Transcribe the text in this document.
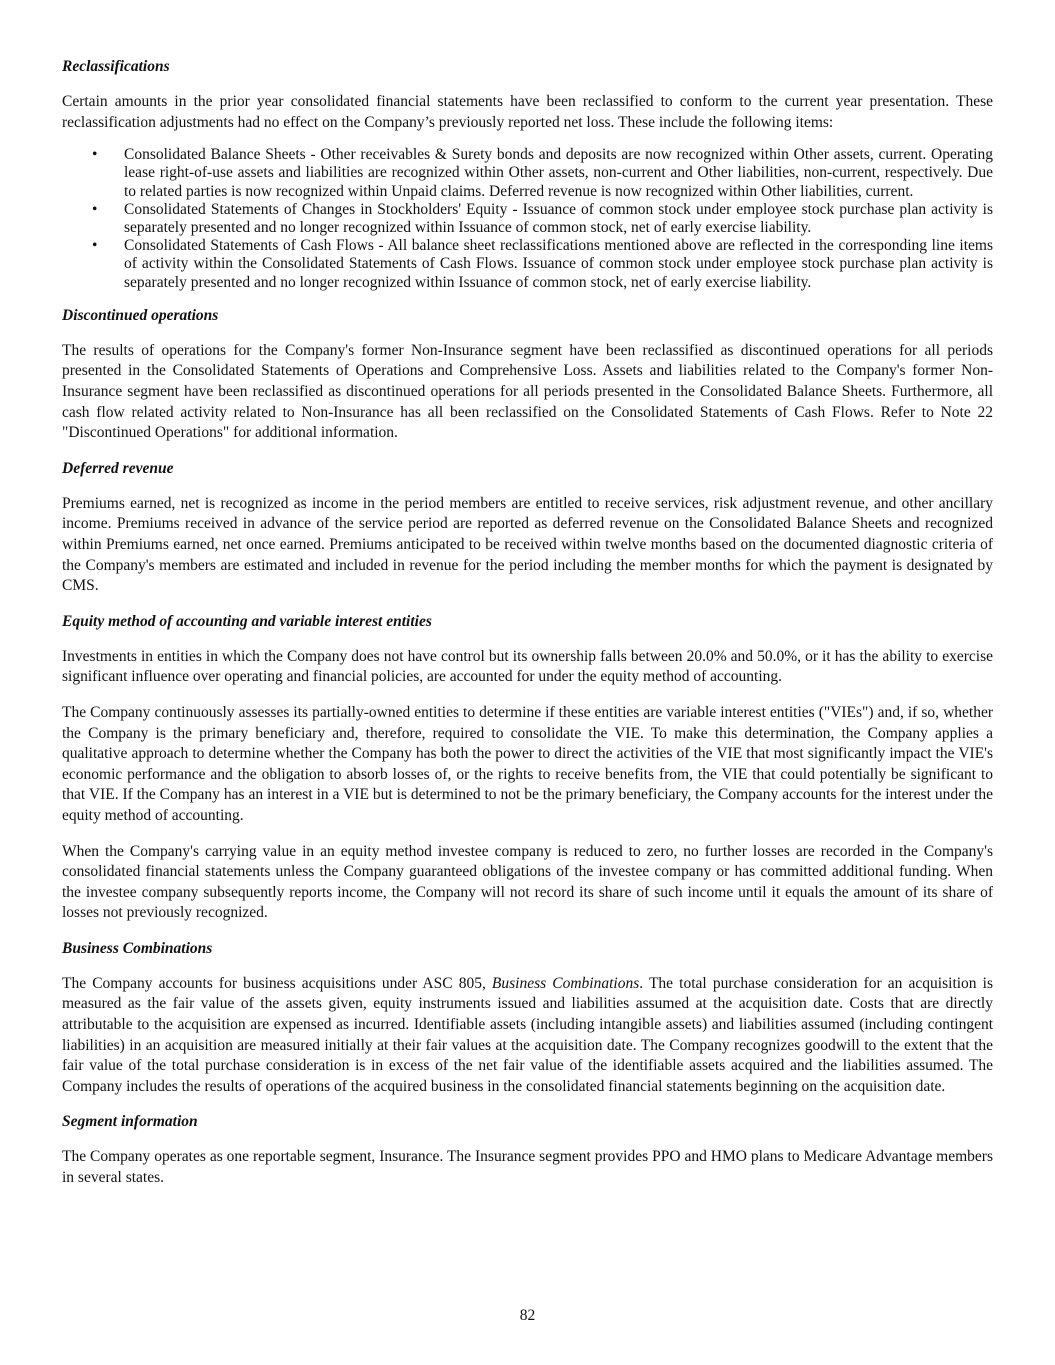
Reclassifications

Certain amounts in the prior year consolidated financial statements have been reclassified to conform to the current year presentation. These reclassification adjustments had no effect on the Company’s previously reported net loss. These include the following items:

• Consolidated Balance Sheets - Other receivables & Surety bonds and deposits are now recognized within Other assets, current. Operating lease right-of-use assets and liabilities are recognized within Other assets, non-current and Other liabilities, non-current, respectively. Due to related parties is now recognized within Unpaid claims. Deferred revenue is now recognized within Other liabilities, current.
• Consolidated Statements of Changes in Stockholders' Equity - Issuance of common stock under employee stock purchase plan activity is separately presented and no longer recognized within Issuance of common stock, net of early exercise liability.
• Consolidated Statements of Cash Flows - All balance sheet reclassifications mentioned above are reflected in the corresponding line items of activity within the Consolidated Statements of Cash Flows. Issuance of common stock under employee stock purchase plan activity is separately presented and no longer recognized within Issuance of common stock, net of early exercise liability.

Discontinued operations

The results of operations for the Company's former Non-Insurance segment have been reclassified as discontinued operations for all periods presented in the Consolidated Statements of Operations and Comprehensive Loss. Assets and liabilities related to the Company's former Non-Insurance segment have been reclassified as discontinued operations for all periods presented in the Consolidated Balance Sheets. Furthermore, all cash flow related activity related to Non-Insurance has all been reclassified on the Consolidated Statements of Cash Flows. Refer to Note 22 "Discontinued Operations" for additional information.

Deferred revenue

Premiums earned, net is recognized as income in the period members are entitled to receive services, risk adjustment revenue, and other ancillary income. Premiums received in advance of the service period are reported as deferred revenue on the Consolidated Balance Sheets and recognized within Premiums earned, net once earned. Premiums anticipated to be received within twelve months based on the documented diagnostic criteria of the Company's members are estimated and included in revenue for the period including the member months for which the payment is designated by CMS.

Equity method of accounting and variable interest entities

Investments in entities in which the Company does not have control but its ownership falls between 20.0% and 50.0%, or it has the ability to exercise significant influence over operating and financial policies, are accounted for under the equity method of accounting.

The Company continuously assesses its partially-owned entities to determine if these entities are variable interest entities ("VIEs") and, if so, whether the Company is the primary beneficiary and, therefore, required to consolidate the VIE. To make this determination, the Company applies a qualitative approach to determine whether the Company has both the power to direct the activities of the VIE that most significantly impact the VIE's economic performance and the obligation to absorb losses of, or the rights to receive benefits from, the VIE that could potentially be significant to that VIE. If the Company has an interest in a VIE but is determined to not be the primary beneficiary, the Company accounts for the interest under the equity method of accounting.

When the Company's carrying value in an equity method investee company is reduced to zero, no further losses are recorded in the Company's consolidated financial statements unless the Company guaranteed obligations of the investee company or has committed additional funding. When the investee company subsequently reports income, the Company will not record its share of such income until it equals the amount of its share of losses not previously recognized.

Business Combinations

The Company accounts for business acquisitions under ASC 805, Business Combinations. The total purchase consideration for an acquisition is measured as the fair value of the assets given, equity instruments issued and liabilities assumed at the acquisition date. Costs that are directly attributable to the acquisition are expensed as incurred. Identifiable assets (including intangible assets) and liabilities assumed (including contingent liabilities) in an acquisition are measured initially at their fair values at the acquisition date. The Company recognizes goodwill to the extent that the fair value of the total purchase consideration is in excess of the net fair value of the identifiable assets acquired and the liabilities assumed. The Company includes the results of operations of the acquired business in the consolidated financial statements beginning on the acquisition date.

Segment information

The Company operates as one reportable segment, Insurance. The Insurance segment provides PPO and HMO plans to Medicare Advantage members in several states.

82
